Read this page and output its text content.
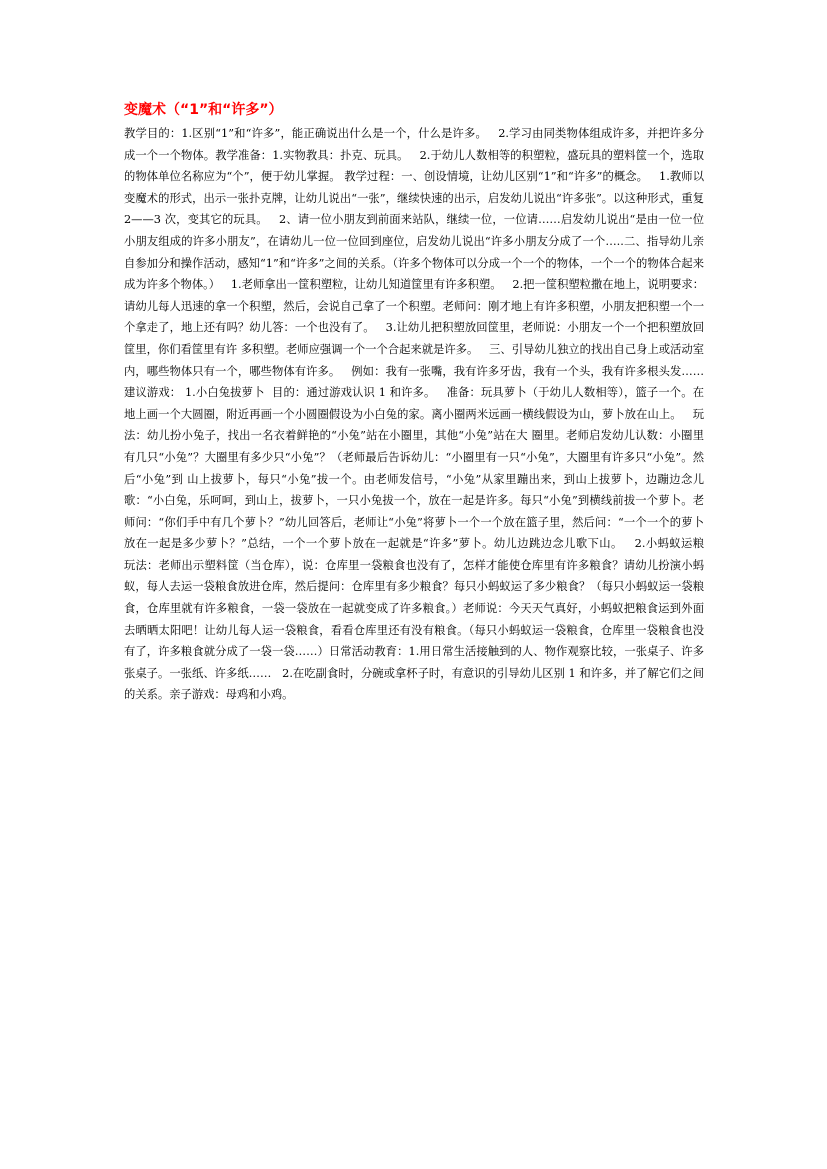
变魔术（“1”和“许多”）

教学目的：1.区别“1”和“许多”，能正确说出什么是一个，什么是许多。   2.学习由同类物体组成许多，并把许多分成一个一个物体。教学准备：1.实物教具：扑克、玩具。   2.于幼儿人数相等的积塑粒，盛玩具的塑料筐一个，选取的物体单位名称应为“个”，便于幼儿掌握。 教学过程：一、创设情境，让幼儿区别“1”和“许多”的概念。   1.教师以变魔术的形式，出示一张扑克牌，让幼儿说出“一张”，继续快速的出示，启发幼儿说出“许多张”。以这种形式，重复 2——3 次，变其它的玩具。   2、请一位小朋友到前面来站队，继续一位，一位请……启发幼儿说出“是由一位一位小朋友组成的许多小朋友”，在请幼儿一位一位回到座位，启发幼儿说出“许多小朋友分成了一个…..二、指导幼儿亲自参加分和操作活动，感知“1”和“许多”之间的关系。（许多个物体可以分成一个一个的物体，一个一个的物体合起来成为许多个物体。）   1.老师拿出一筐积塑粒，让幼儿知道筐里有许多积塑。   2.把一筐积塑粒撒在地上，说明要求：请幼儿每人迅速的拿一个积塑，然后，会说自己拿了一个积塑。老师问：刚才地上有许多积塑，小朋友把积塑一个一个拿走了，地上还有吗？幼儿答：一个也没有了。   3.让幼儿把积塑放回筐里，老师说：小朋友一个一个把积塑放回筐里，你们看筐里有许 多积塑。老师应强调一个一个合起来就是许多。   三、引导幼儿独立的找出自己身上或活动室内，哪些物体只有一个，哪些物体有许多。   例如：我有一张嘴，我有许多牙齿，我有一个头，我有许多根头发…… 建议游戏： 1.小白兔拔萝卜  目的：通过游戏认识 1 和许多。   准备：玩具萝卜（于幼儿人数相等），篮子一个。在地上画一个大圆圈，附近再画一个小圆圈假设为小白兔的家。离小圈两米远画一横线假设为山，萝卜放在山上。   玩法：幼儿扮小兔子，找出一名衣着鲜艳的“小兔”站在小圈里，其他“小兔”站在大 圈里。老师启发幼儿认数：小圈里有几只“小兔”？大圈里有多少只“小兔”？（老师最后告诉幼儿：“小圈里有一只“小兔”，大圈里有许多只“小兔”。然后“小兔”到 山上拔萝卜，每只“小兔”拔一个。由老师发信号，“小兔”从家里蹦出来，到山上拔萝卜，边蹦边念儿歌：“小白兔，乐呵呵，到山上，拔萝卜，一只小兔拔一个，放在一起是许多。每只“小兔”到横线前拔一个萝卜。老师问：“你们手中有几个萝卜？”幼儿回答后，老师让“小兔”将萝卜一个一个放在篮子里，然后问：“一个一个的萝卜放在一起是多少萝卜？”总结，一个一个萝卜放在一起就是“许多”萝卜。幼儿边跳边念儿歌下山。   2.小蚂蚁运粮   玩法：老师出示塑料筐（当仓库），说：仓库里一袋粮食也没有了，怎样才能使仓库里有许多粮食？请幼儿扮演小蚂蚁，每人去运一袋粮食放进仓库，然后提问：仓库里有多少粮食？每只小蚂蚁运了多少粮食？（每只小蚂蚁运一袋粮食，仓库里就有许多粮食，一袋一袋放在一起就变成了许多粮食。）老师说：今天天气真好，小蚂蚁把粮食运到外面去晒晒太阳吧！让幼儿每人运一袋粮食，看看仓库里还有没有粮食。（每只小蚂蚁运一袋粮食，仓库里一袋粮食也没有了，许多粮食就分成了一袋一袋……）日常活动教育：1.用日常生活接触到的人、物作观察比较，一张桌子、许多张桌子。一张纸、许多纸……   2.在吃副食时，分碗或拿杯子时，有意识的引导幼儿区别 1 和许多，并了解它们之间的关系。亲子游戏：母鸡和小鸡。
